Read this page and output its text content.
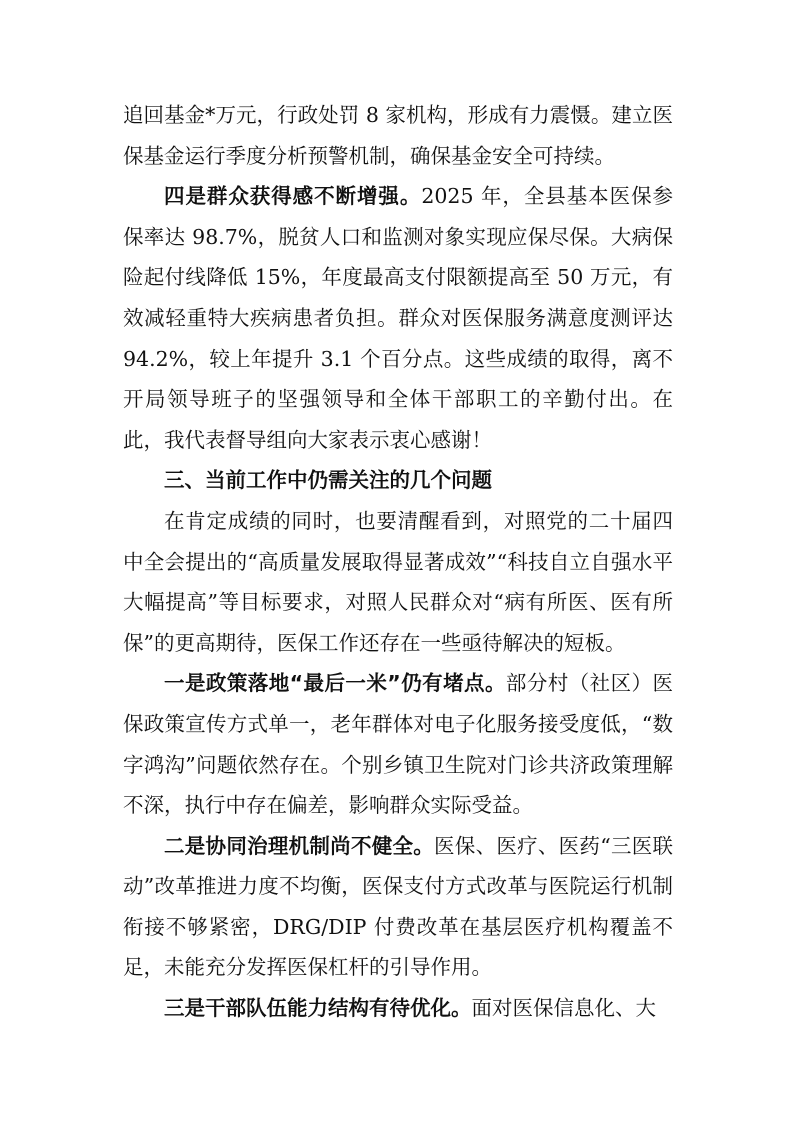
追回基金*万元，行政处罚 8 家机构，形成有力震慑。建立医保基金运行季度分析预警机制，确保基金安全可持续。

四是群众获得感不断增强。2025 年，全县基本医保参保率达 98.7%，脱贫人口和监测对象实现应保尽保。大病保险起付线降低 15%，年度最高支付限额提高至 50 万元，有效减轻重特大疾病患者负担。群众对医保服务满意度测评达 94.2%，较上年提升 3.1 个百分点。这些成绩的取得，离不开局领导班子的坚强领导和全体干部职工的辛勤付出。在此，我代表督导组向大家表示衷心感谢！

三、当前工作中仍需关注的几个问题

在肯定成绩的同时，也要清醒看到，对照党的二十届四中全会提出的“高质量发展取得显著成效”“科技自立自强水平大幅提高”等目标要求，对照人民群众对“病有所医、医有所保”的更高期待，医保工作还存在一些亟待解决的短板。

一是政策落地“最后一米”仍有堵点。部分村（社区）医保政策宣传方式单一，老年群体对电子化服务接受度低，“数字鸿沟”问题依然存在。个别乡镇卫生院对门诊共济政策理解不深，执行中存在偏差，影响群众实际受益。

二是协同治理机制尚不健全。医保、医疗、医药“三医联动”改革推进力度不均衡，医保支付方式改革与医院运行机制衔接不够紧密，DRG/DIP 付费改革在基层医疗机构覆盖不足，未能充分发挥医保杠杆的引导作用。

三是干部队伍能力结构有待优化。面对医保信息化、大
